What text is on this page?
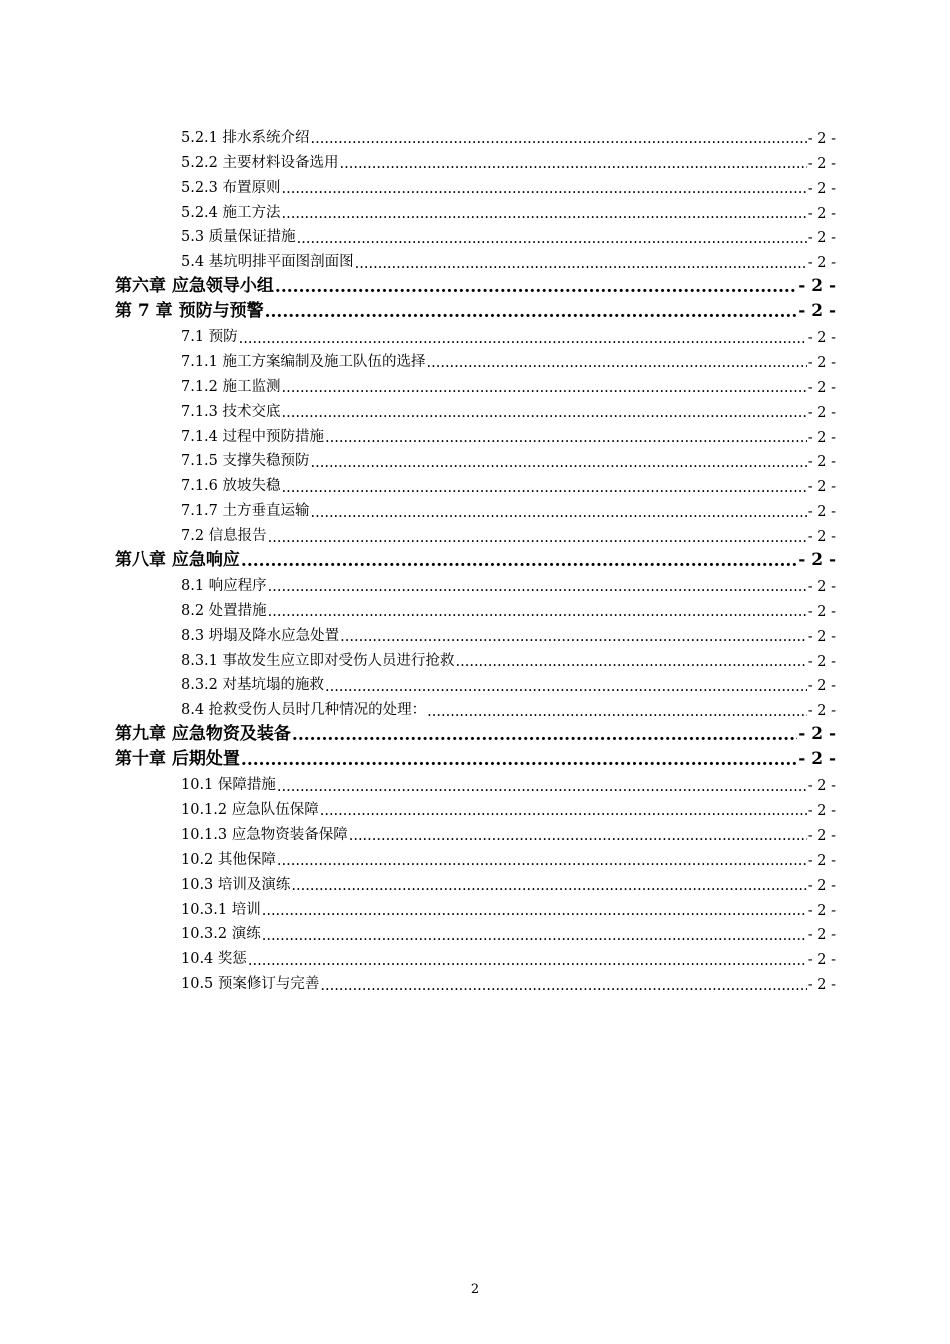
5.2.1 排水系统介绍 .....	- 2 -
5.2.2 主要材料设备选用 .....	- 2 -
5.2.3 布置原则 .....	- 2 -
5.2.4 施工方法 .....	- 2 -
5.3 质量保证措施 .....	- 2 -
5.4 基坑明排平面图剖面图 .....	- 2 -
第六章 应急领导小组 .....	- 2 -
第 7 章 预防与预警 .....	- 2 -
7.1 预防 .....	- 2 -
7.1.1 施工方案编制及施工队伍的选择 .....	- 2 -
7.1.2 施工监测 .....	- 2 -
7.1.3 技术交底 .....	- 2 -
7.1.4 过程中预防措施 .....	- 2 -
7.1.5 支撑失稳预防 .....	- 2 -
7.1.6 放坡失稳 .....	- 2 -
7.1.7 土方垂直运输 .....	- 2 -
7.2 信息报告 .....	- 2 -
第八章 应急响应 .....	- 2 -
8.1 响应程序 .....	- 2 -
8.2 处置措施 .....	- 2 -
8.3 坍塌及降水应急处置 .....	- 2 -
8.3.1 事故发生应立即对受伤人员进行抢救 .....	- 2 -
8.3.2 对基坑塌的施救 .....	- 2 -
8.4 抢救受伤人员时几种情况的处理： .....	- 2 -
第九章 应急物资及装备 .....	- 2 -
第十章 后期处置 .....	- 2 -
10.1 保障措施 .....	- 2 -
10.1.2 应急队伍保障 .....	- 2 -
10.1.3 应急物资装备保障 .....	- 2 -
10.2 其他保障 .....	- 2 -
10.3 培训及演练 .....	- 2 -
10.3.1 培训 .....	- 2 -
10.3.2 演练 .....	- 2 -
10.4 奖惩 .....	- 2 -
10.5 预案修订与完善 .....	- 2 -
2
